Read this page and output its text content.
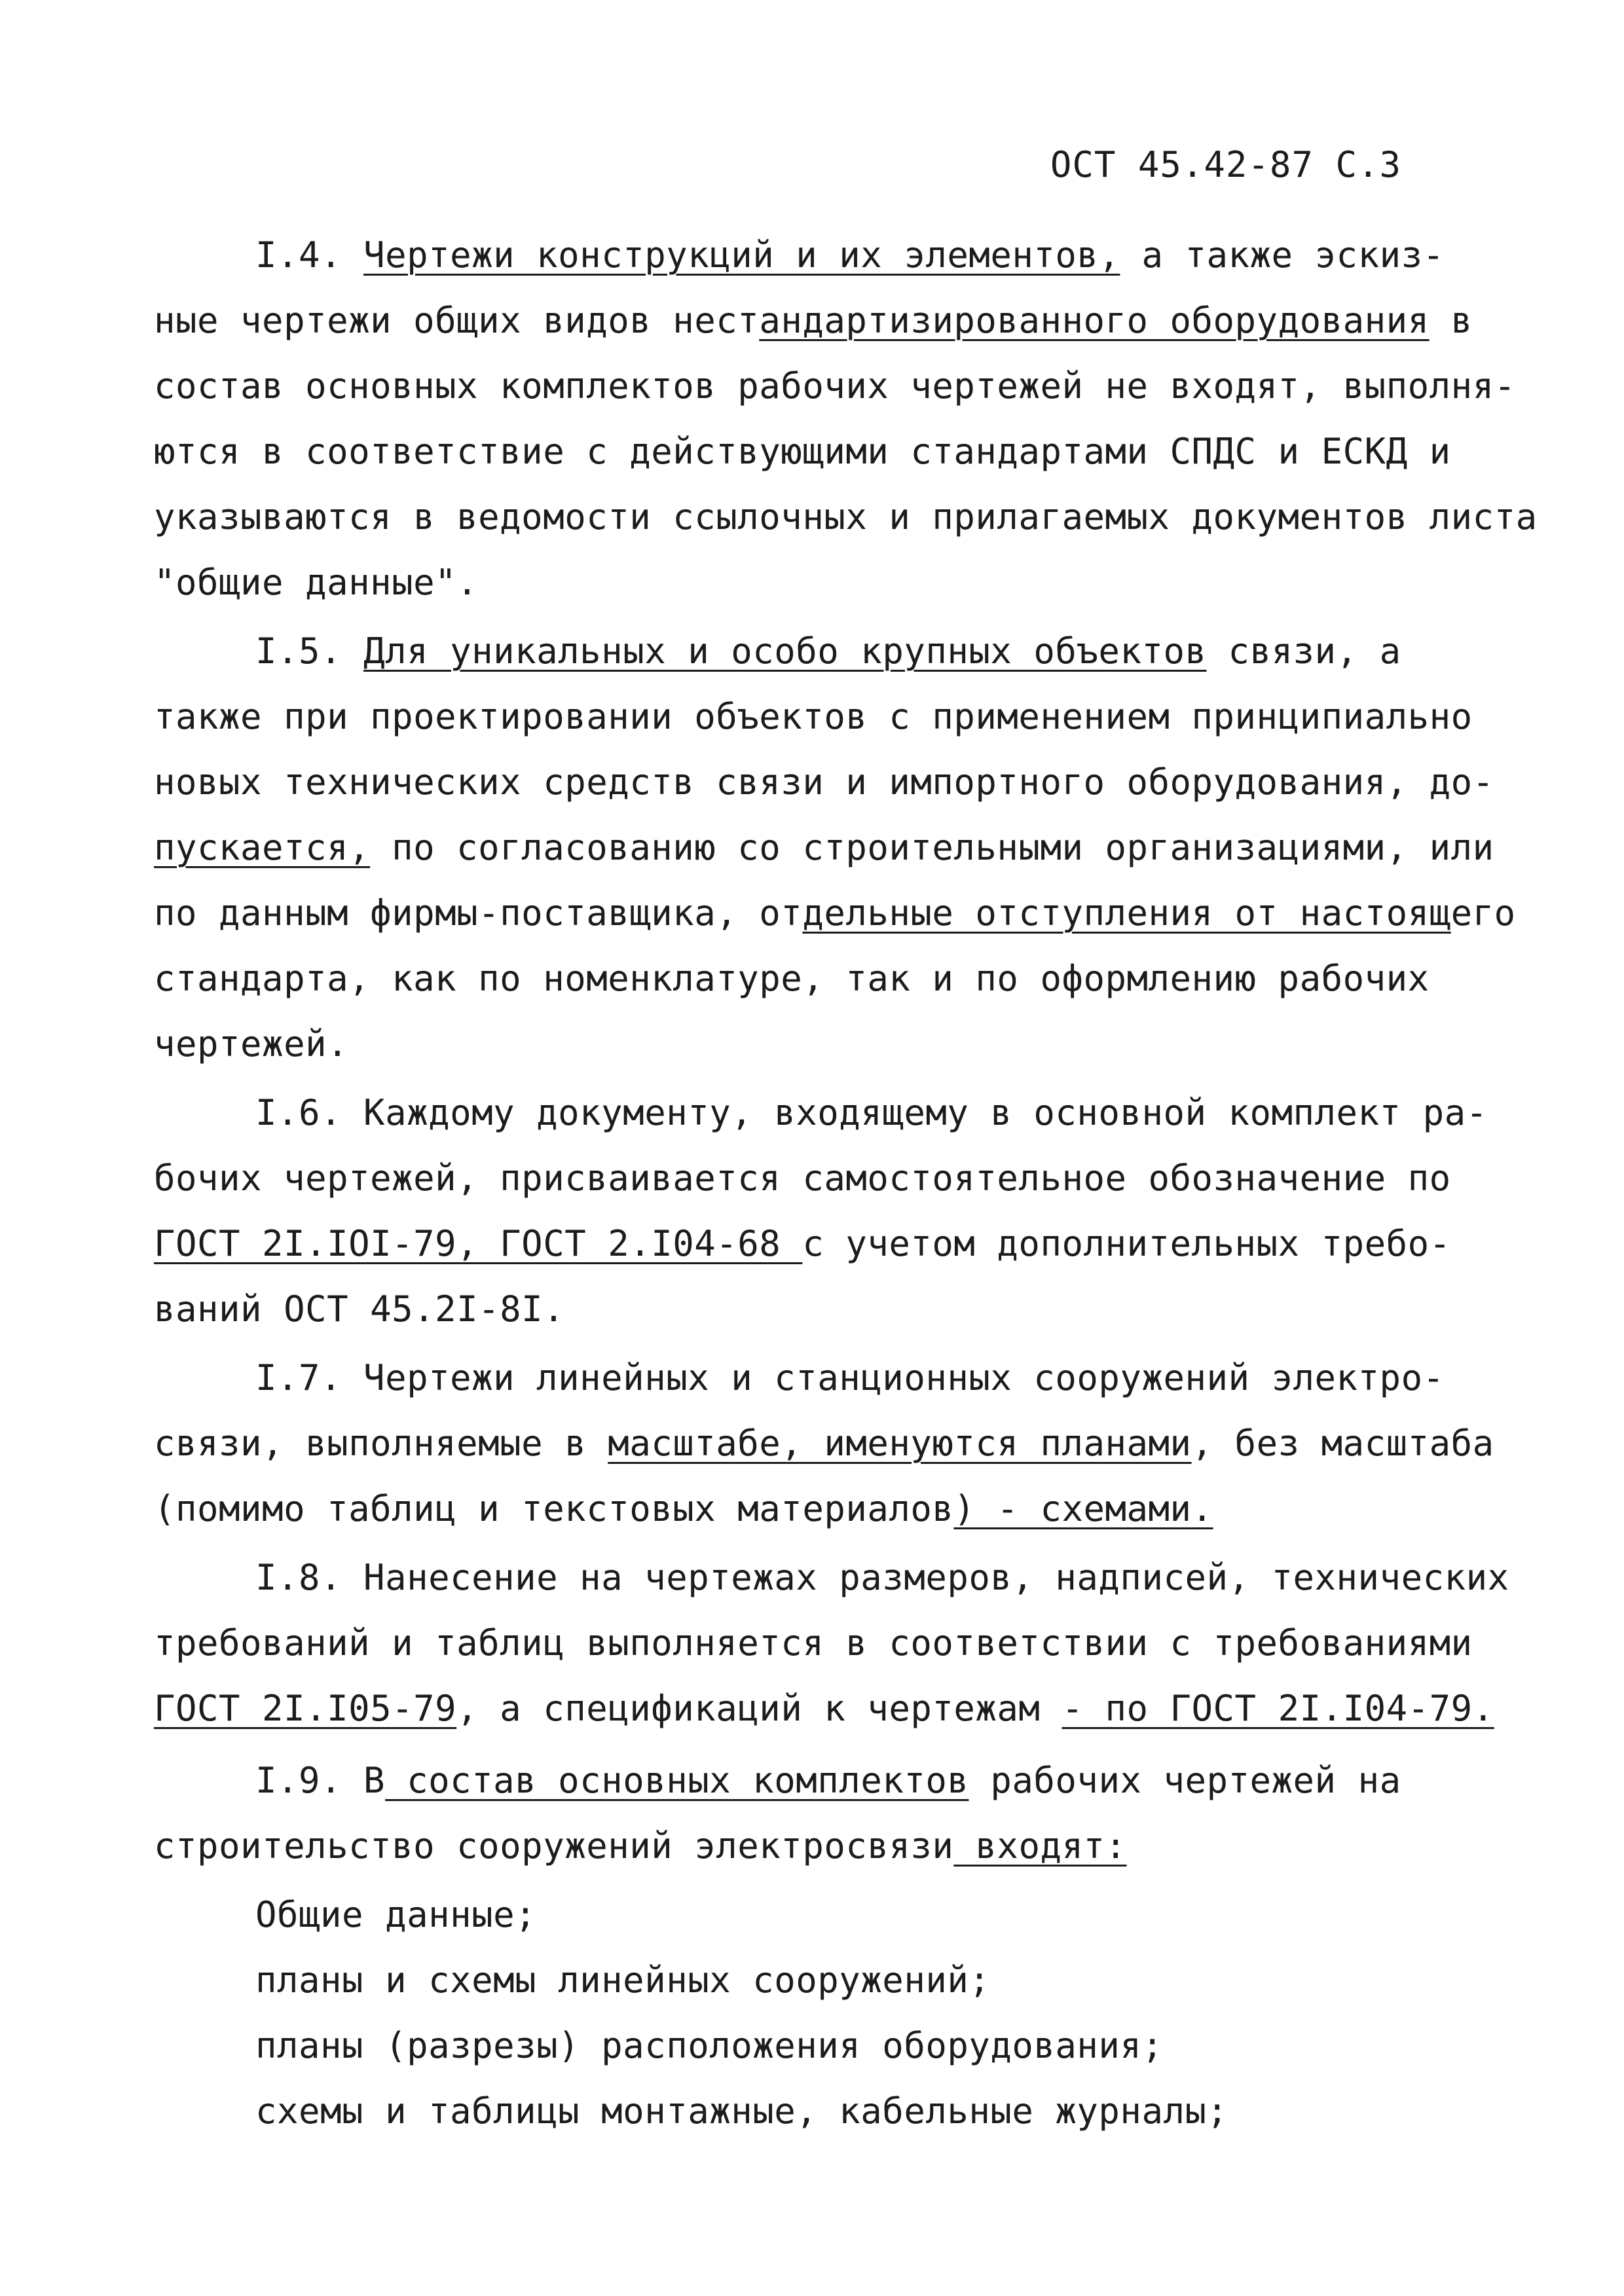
ОСТ 45.42-87 С.3
I.4. Чертежи конструкций и их элементов, а также эскиз-
ные чертежи общих видов нестандартизированного оборудования в
состав основных комплектов рабочих чертежей не входят, выполня-
ются в соответствие с действующими стандартами СПДС и ЕСКД и
указываются в ведомости ссылочных и прилагаемых документов листа
"общие данные".
I.5. Для уникальных и особо крупных объектов связи, а
также при проектировании объектов с применением принципиально
новых технических средств связи и импортного оборудования, до-
пускается, по согласованию со строительными организациями, или
по данным фирмы-поставщика, отдельные отступления от настоящего
стандарта, как по номенклатуре, так и по оформлению рабочих
чертежей.
I.6. Каждому документу, входящему в основной комплект ра-
бочих чертежей, присваивается самостоятельное обозначение по
ГОСТ 2I.IOI-79, ГОСТ 2.I04-68 с учетом дополнительных требо-
ваний ОСТ 45.2I-8I.
I.7. Чертежи линейных и станционных сооружений электро-
связи, выполняемые в масштабе, именуются планами, без масштаба
(помимо таблиц и текстовых материалов) - схемами.
I.8. Нанесение на чертежах размеров, надписей, технических
требований и таблиц выполняется в соответствии с требованиями
ГОСТ 2I.I05-79, а спецификаций к чертежам - по ГОСТ 2I.I04-79.
I.9. В состав основных комплектов рабочих чертежей на
строительство сооружений электросвязи входят:
Общие данные;
планы и схемы линейных сооружений;
планы (разрезы) расположения оборудования;
схемы и таблицы монтажные, кабельные журналы;
